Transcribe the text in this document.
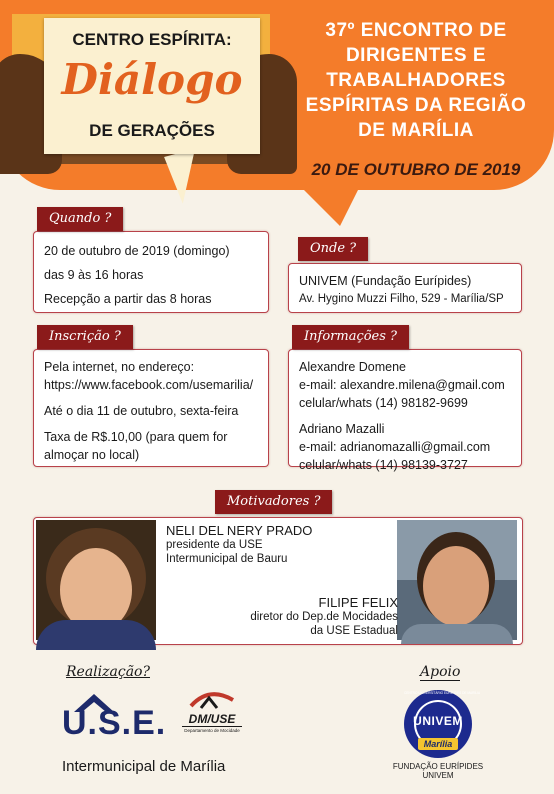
CENTRO ESPÍRITA:
Diálogo
DE GERAÇÕES
37º ENCONTRO DE
DIRIGENTES E
TRABALHADORES
ESPÍRITAS DA REGIÃO
DE MARÍLIA
20 DE OUTUBRO DE 2019

20 de outubro de 2019 (domingo)

das 9 às 16 horas

Recepção a partir das 8 horas

Quando ?

UNIVEM (Fundação Eurípides)

Av. Hygino Muzzi Filho, 529 - Marília/SP

Onde ?

Pela internet, no endereço:

https://www.facebook.com/usemarilia/

Até o dia 11 de outubro, sexta-feira

Taxa de R$.10,00 (para quem for

almoçar no local)

Inscrição ?

Alexandre Domene

e-mail: alexandre.milena@gmail.com

celular/whats (14) 98182-9699

Adriano Mazalli

e-mail: adrianomazalli@gmail.com

celular/whats (14) 98139-3727

Informações ?
Motivadores ?
NELI DEL NERY PRADO
presidente da USE
Intermunicipal de Bauru
FILIPE FELIX
diretor do Dep.de Mocidades
da USE Estadual
Realização?
U.S.E.	DM/USE
Departamento de Mocidade
Intermunicipal de Marília
Apoio
CENTRO UNIVERSITÁRIO EURÍPIDES DE MARÍLIA
UNIVEM
Marília
FUNDAÇÃO EURÍPIDES
UNIVEM
